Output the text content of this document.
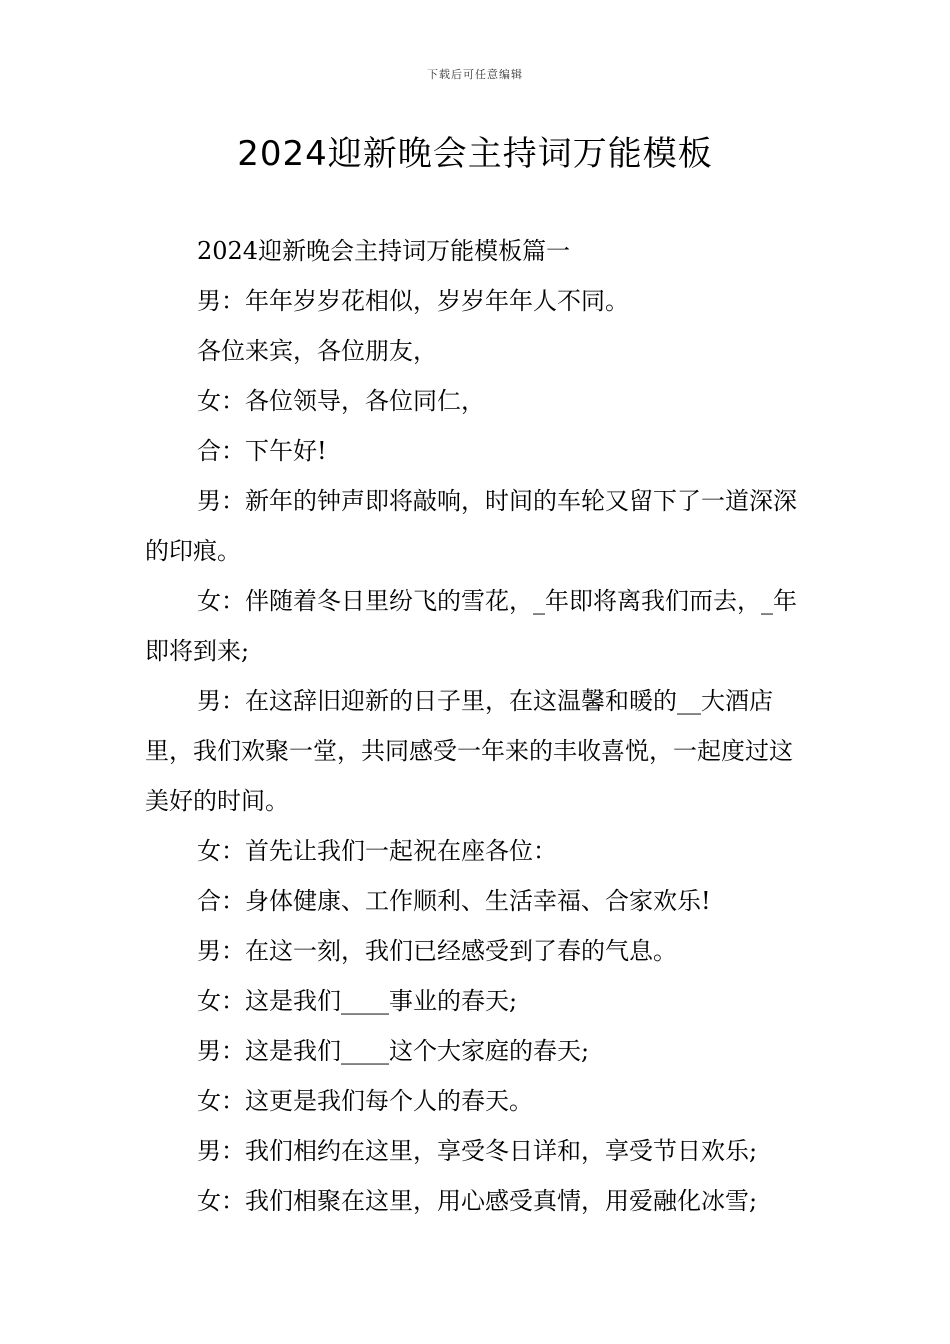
下载后可任意编辑
2024迎新晚会主持词万能模板

2024迎新晚会主持词万能模板篇一

男：年年岁岁花相似，岁岁年年人不同。

各位来宾，各位朋友，

女：各位领导，各位同仁，

合：下午好!

男：新年的钟声即将敲响，时间的车轮又留下了一道深深的印痕。

女：伴随着冬日里纷飞的雪花，_年即将离我们而去，_年即将到来;

男：在这辞旧迎新的日子里，在这温馨和暖的__大酒店里，我们欢聚一堂，共同感受一年来的丰收喜悦，一起度过这美好的时间。

女：首先让我们一起祝在座各位：

合：身体健康、工作顺利、生活幸福、合家欢乐!

男：在这一刻，我们已经感受到了春的气息。

女：这是我们____事业的春天;

男：这是我们____这个大家庭的春天;

女：这更是我们每个人的春天。

男：我们相约在这里，享受冬日详和，享受节日欢乐;

女：我们相聚在这里，用心感受真情，用爱融化冰雪;
